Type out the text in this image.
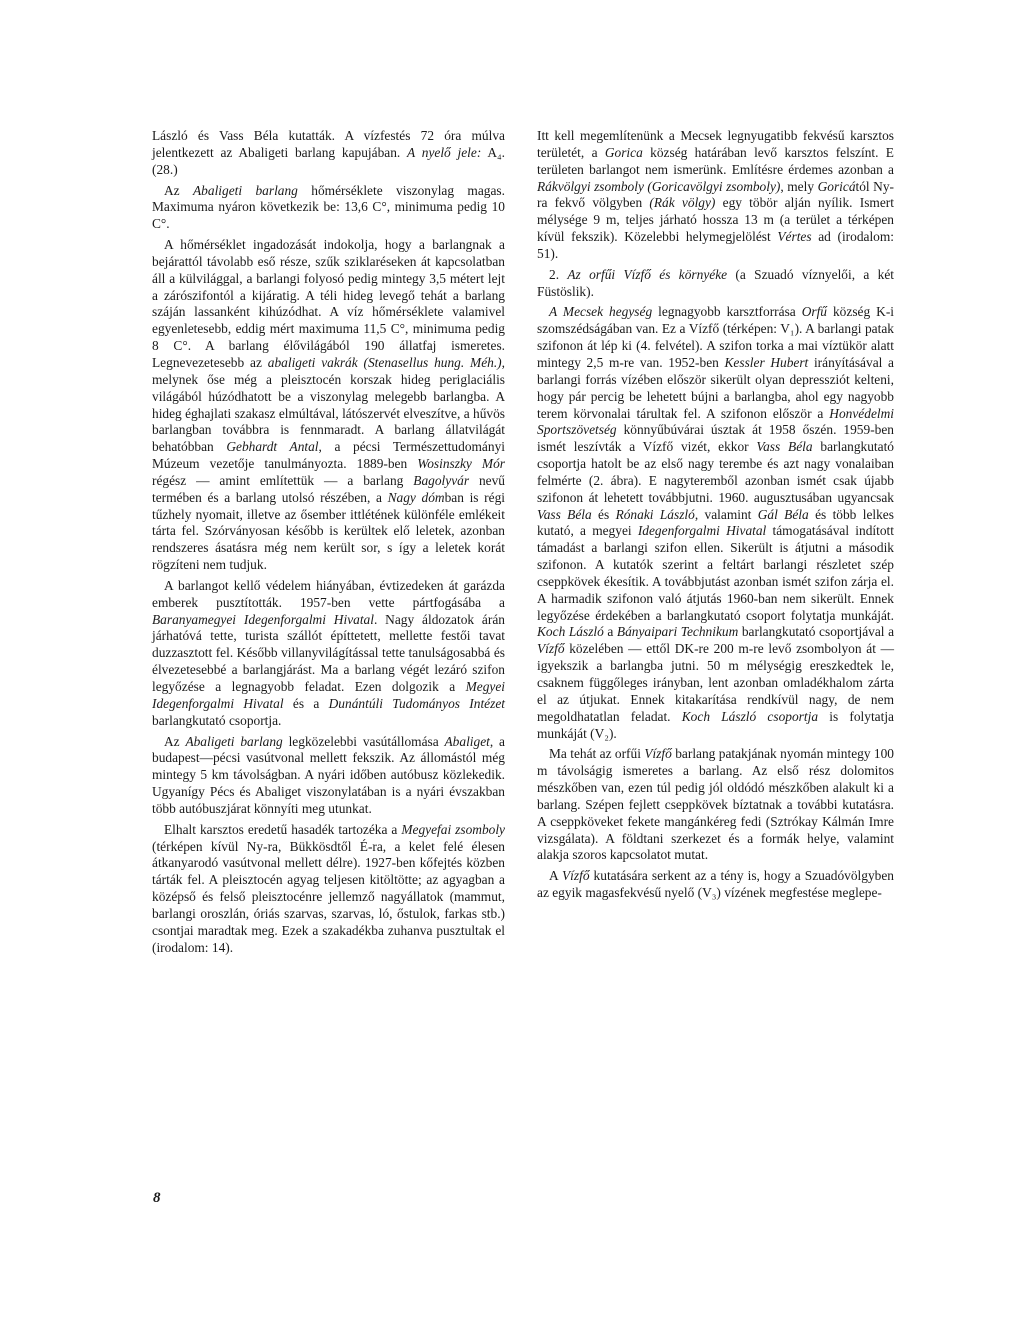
László és Vass Béla kutatták. A vízfestés 72 óra múlva jelentkezett az Abaligeti barlang kapujában. A nyelő jele: A₄. (28.)

Az Abaligeti barlang hőmérséklete viszonylag magas. Maximuma nyáron következik be: 13,6 C°, minimuma pedig 10 C°.

A hőmérséklet ingadozását indokolja, hogy a barlangnak a bejárattól távolabb eső része, szűk sziklaréseken át kapcsolatban áll a külvilággal, a barlangi folyosó pedig mintegy 3,5 métert lejt a zárószifontól a kijáratig. A téli hideg levegő tehát a barlang száján lassanként kihúzódhat. A víz hőmérséklete valamivel egyenletesebb, eddig mért maximuma 11,5 C°, minimuma pedig 8 C°. A barlang élővilágából 190 állatfaj ismeretes. Legnevezetesebb az abaligeti vakrák (Stenasellus hung. Méh.), melynek őse még a pleisztocén korszak hideg periglaciális világából húzódhatott be a viszonylag melegebb barlangba. A hideg éghajlati szakasz elmúltával, látószervét elveszítve, a hűvös barlangban továbbra is fennmaradt. A barlang állatvilágát behatóbban Gebhardt Antal, a pécsi Természettudományi Múzeum vezetője tanulmányozta. 1889-ben Wosinszky Mór régész — amint említettük — a barlang Bagolyvár nevű termében és a barlang utolsó részében, a Nagy dómban is régi tűzhely nyomait, illetve az ősember ittlétének különféle emlékeit tárta fel. Szórványosan később is kerültek elő leletek, azonban rendszeres ásatásra még nem került sor, s így a leletek korát rögzíteni nem tudjuk.

A barlangot kellő védelem hiányában, évtizedeken át garázda emberek pusztították. 1957-ben vette pártfogásába a Baranyamegyei Idegenforgalmi Hivatal. Nagy áldozatok árán járhatóvá tette, turista szállót építtetett, mellette festői tavat duzzasztott fel. Később villanyvilágítással tette tanulságosabbá és élvezetesebbé a barlangjárást. Ma a barlang végét lezáró szifon legyőzése a legnagyobb feladat. Ezen dolgozik a Megyei Idegenforgalmi Hivatal és a Dunántúli Tudományos Intézet barlangkutató csoportja.

Az Abaligeti barlang legközelebbi vasútállomása Abaliget, a budapest—pécsi vasútvonal mellett fekszik. Az állomástól még mintegy 5 km távolságban. A nyári időben autóbusz közlekedik. Ugyanígy Pécs és Abaliget viszonylatában is a nyári évszakban több autóbuszjárat könnyíti meg utunkat.

Elhalt karsztos eredetű hasadék tartozéka a Megyefai zsomboly (térképen kívül Ny-ra, Bükkösdtől É-ra, a kelet felé élesen átkanyarodó vasútvonal mellett délre). 1927-ben kőfejtés közben tárták fel. A pleisztocén agyag teljesen kitöltötte; az agyagban a középső és felső pleisztocénre jellemző nagyállatok (mammut, barlangi oroszlán, óriás szarvas, szarvas, ló, őstulok, farkas stb.) csontjai maradtak meg. Ezek a szakadékba zuhanva pusztultak el (irodalom: 14).

Itt kell megemlítenünk a Mecsek legnyugatibb fekvésű karsztos területét, a Gorica község határában levő karsztos felszínt. E területen barlangot nem ismerünk. Említésre érdemes azonban a Rákvölgyi zsomboly (Goricavölgyi zsomboly), mely Goricától Ny-ra fekvő völgyben (Rák völgy) egy töbör alján nyílik. Ismert mélysége 9 m, teljes járható hossza 13 m (a terület a térképen kívül fekszik). Közelebbi helymegjelölést Vértes ad (irodalom: 51).

2. Az orfűi Vízfő és környéke (a Szuadó víznyelői, a két Füstöslik).

A Mecsek hegység legnagyobb karsztforrása Orfű község K-i szomszédságában van. Ez a Vízfő (térképen: V₁). A barlangi patak szifonon át lép ki (4. felvétel). A szifon torka a mai víztükör alatt mintegy 2,5 m-re van. 1952-ben Kessler Hubert irányításával a barlangi forrás vízében először sikerült olyan depressziót kelteni, hogy pár percig be lehetett bújni a barlangba, ahol egy nagyobb terem körvonalai tárultak fel. A szifonon először a Honvédelmi Sportszövetség könnyűbúvárai úsztak át 1958 őszén. 1959-ben ismét leszívták a Vízfő vizét, ekkor Vass Béla barlangkutató csoportja hatolt be az első nagy terembe és azt nagy vonalaiban felmérte (2. ábra). E nagyteremből azonban ismét csak újabb szifonon át lehetett továbbjutni. 1960. augusztusában ugyancsak Vass Béla és Rónaki László, valamint Gál Béla és több lelkes kutató, a megyei Idegenforgalmi Hivatal támogatásával indított támadást a barlangi szifon ellen. Sikerült is átjutni a második szifonon. A kutatók szerint a feltárt barlangi részletet szép cseppkövek ékesítik. A továbbjutást azonban ismét szifon zárja el. A harmadik szifonon való átjutás 1960-ban nem sikerült. Ennek legyőzése érdekében a barlangkutató csoport folytatja munkáját. Koch László a Bányaipari Technikum barlangkutató csoportjával a Vízfő közelében — ettől DK-re 200 m-re levő zsombolyon át — igyekszik a barlangba jutni. 50 m mélységig ereszkedtek le, csaknem függőleges irányban, lent azonban omladékhalom zárta el az útjukat. Ennek kitakarítása rendkívül nagy, de nem megoldhatatlan feladat. Koch László csoportja is folytatja munkáját (V₂).

Ma tehát az orfűi Vízfő barlang patakjának nyomán mintegy 100 m távolságig ismeretes a barlang. Az első rész dolomitos mészkőben van, ezen túl pedig jól oldódó mészkőben alakult ki a barlang. Szépen fejlett cseppkövek bíztatnak a további kutatásra. A cseppköveket fekete mangánkéreg fedi (Sztrókay Kálmán Imre vizsgálata). A földtani szerkezet és a formák helye, valamint alakja szoros kapcsolatot mutat.

A Vízfő kutatására serkent az a tény is, hogy a Szuadóvölgyben az egyik magasfekvésű nyelő (V₃) vízének megfestése meglepe-

8
